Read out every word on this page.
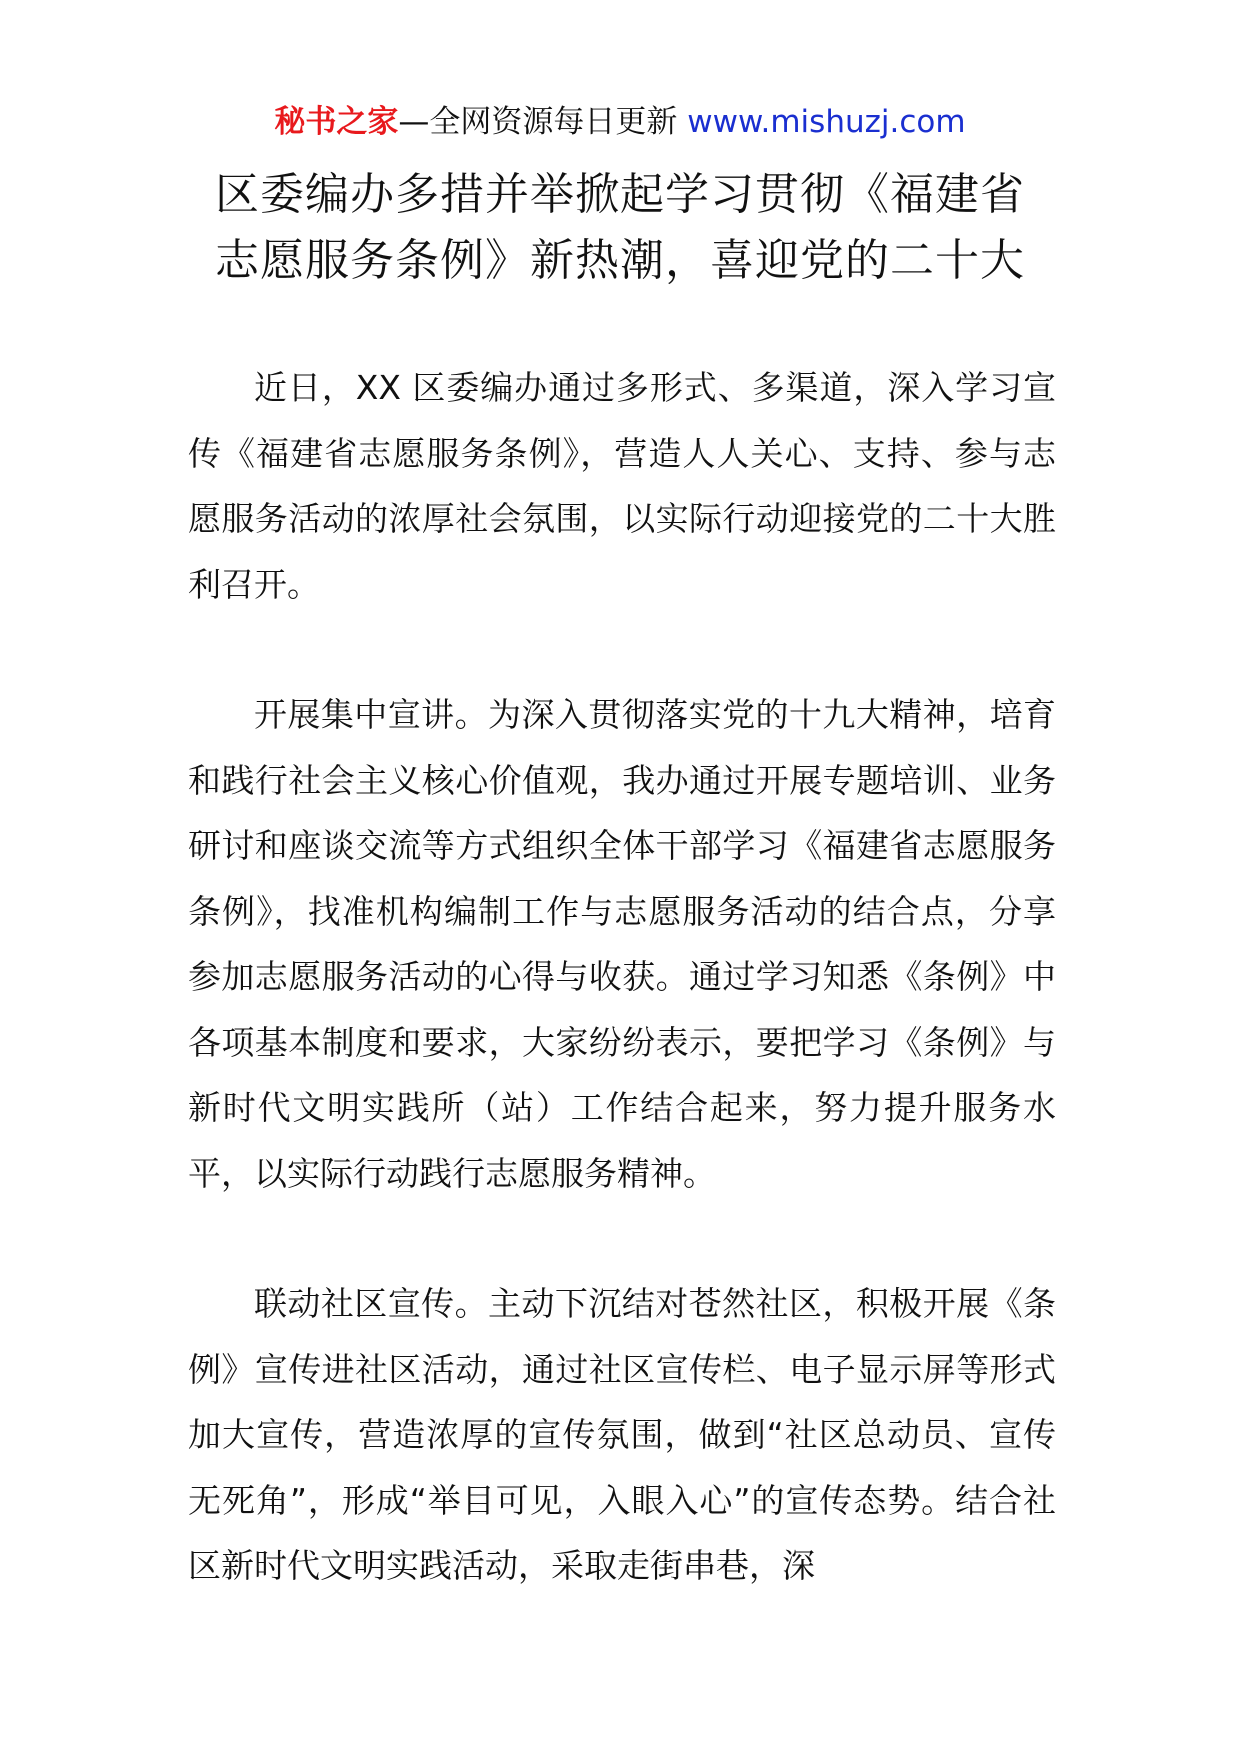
秘书之家—全网资源每日更新 www.mishuzj.com
区委编办多措并举掀起学习贯彻《福建省
志愿服务条例》新热潮，喜迎党的二十大

近日，XX 区委编办通过多形式、多渠道，深入学习宣传《福建省志愿服务条例》，营造人人关心、支持、参与志愿服务活动的浓厚社会氛围，以实际行动迎接党的二十大胜利召开。

开展集中宣讲。为深入贯彻落实党的十九大精神，培育和践行社会主义核心价值观，我办通过开展专题培训、业务研讨和座谈交流等方式组织全体干部学习《福建省志愿服务条例》，找准机构编制工作与志愿服务活动的结合点，分享参加志愿服务活动的心得与收获。通过学习知悉《条例》中各项基本制度和要求，大家纷纷表示，要把学习《条例》与新时代文明实践所（站）工作结合起来，努力提升服务水平，以实际行动践行志愿服务精神。

联动社区宣传。主动下沉结对苍然社区，积极开展《条例》宣传进社区活动，通过社区宣传栏、电子显示屏等形式加大宣传，营造浓厚的宣传氛围，做到“社区总动员、宣传无死角”，形成“举目可见，入眼入心”的宣传态势。结合社区新时代文明实践活动，采取走街串巷，深
